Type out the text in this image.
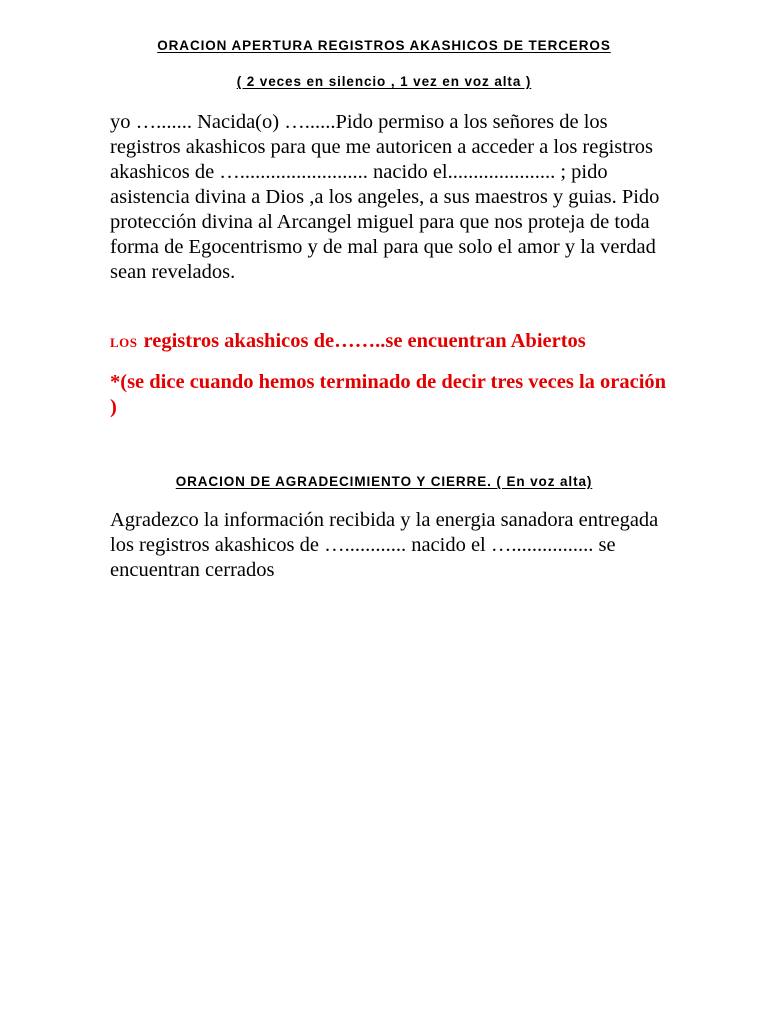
ORACION APERTURA REGISTROS AKASHICOS DE TERCEROS
( 2 veces en silencio , 1 vez en voz alta )
yo …....... Nacida(o) …......Pido permiso a los señores de los registros akashicos para que me autoricen a acceder a los registros akashicos de …......................... nacido el..................... ; pido asistencia divina a Dios ,a los angeles, a sus maestros y guias. Pido protección divina al Arcangel miguel para que nos proteja de toda forma de Egocentrismo y de mal para que solo el amor y la verdad sean revelados.
LOS registros akashicos de……..se encuentran Abiertos
*(se dice cuando hemos terminado de decir tres veces la oración )
ORACION DE AGRADECIMIENTO Y CIERRE. ( En voz alta)
Agradezco la información recibida y la energia sanadora entregada los registros akashicos de …............ nacido el …................ se encuentran cerrados
